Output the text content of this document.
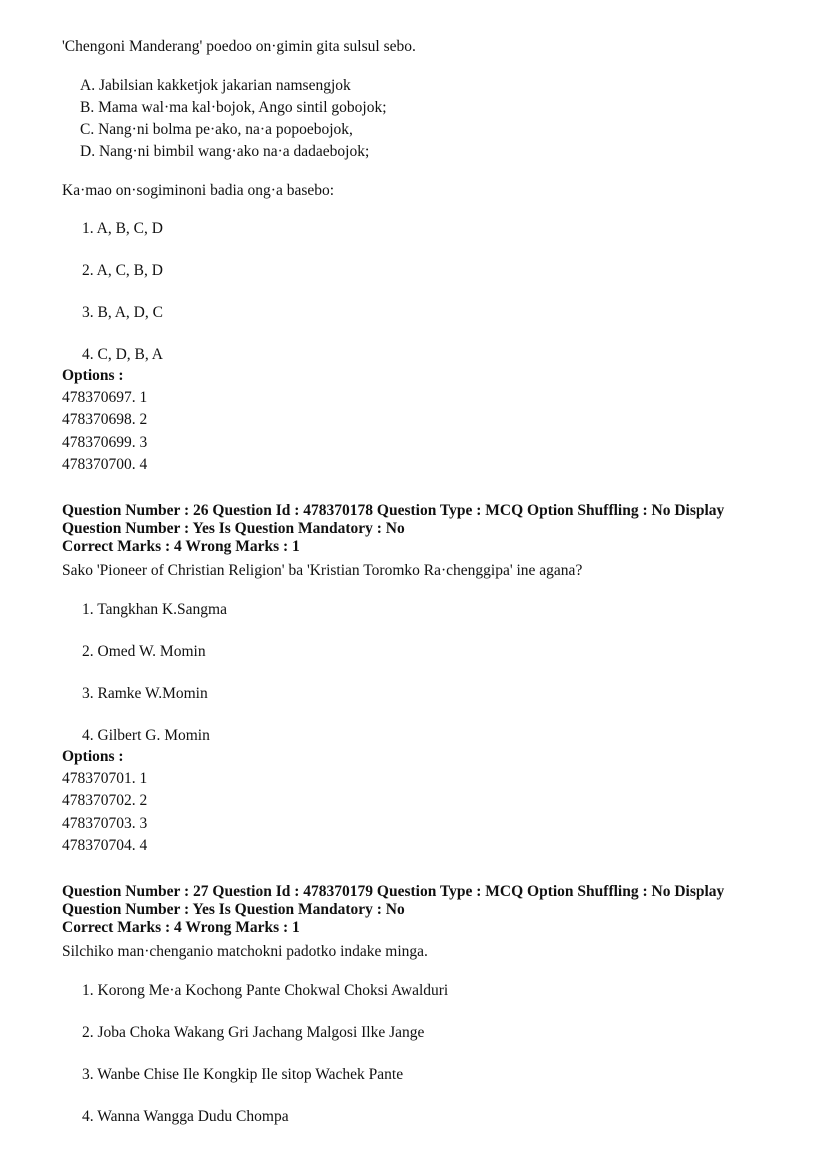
'Chengoni Manderang' poedoo on·gimin gita sulsul sebo.

A. Jabilsian kakketjok jakarian namsengjok

B. Mama wal·ma kal·bojok, Ango sintil gobojok;

C. Nang·ni bolma pe·ako, na·a popoebojok,

D. Nang·ni bimbil wang·ako na·a dadaebojok;

Ka·mao on·sogiminoni badia ong·a basebo:

1. A, B, C, D

2. A, C, B, D

3. B, A, D, C

4. C, D, B, A

Options :

478370697. 1

478370698. 2

478370699. 3

478370700. 4

Question Number : 26 Question Id : 478370178 Question Type : MCQ Option Shuffling : No Display Question Number : Yes Is Question Mandatory : No

Correct Marks : 4 Wrong Marks : 1

Sako 'Pioneer of Christian Religion' ba 'Kristian Toromko Ra·chenggipa' ine agana?

1. Tangkhan K.Sangma

2. Omed W. Momin

3. Ramke W.Momin

4. Gilbert G. Momin

Options :

478370701. 1

478370702. 2

478370703. 3

478370704. 4

Question Number : 27 Question Id : 478370179 Question Type : MCQ Option Shuffling : No Display Question Number : Yes Is Question Mandatory : No

Correct Marks : 4 Wrong Marks : 1

Silchiko man·chenganio matchokni padotko indake minga.

1. Korong Me·a Kochong Pante Chokwal Choksi Awalduri

2. Joba Choka Wakang Gri Jachang Malgosi Ilke Jange

3. Wanbe Chise Ile Kongkip Ile sitop Wachek Pante

4. Wanna Wangga Dudu Chompa
